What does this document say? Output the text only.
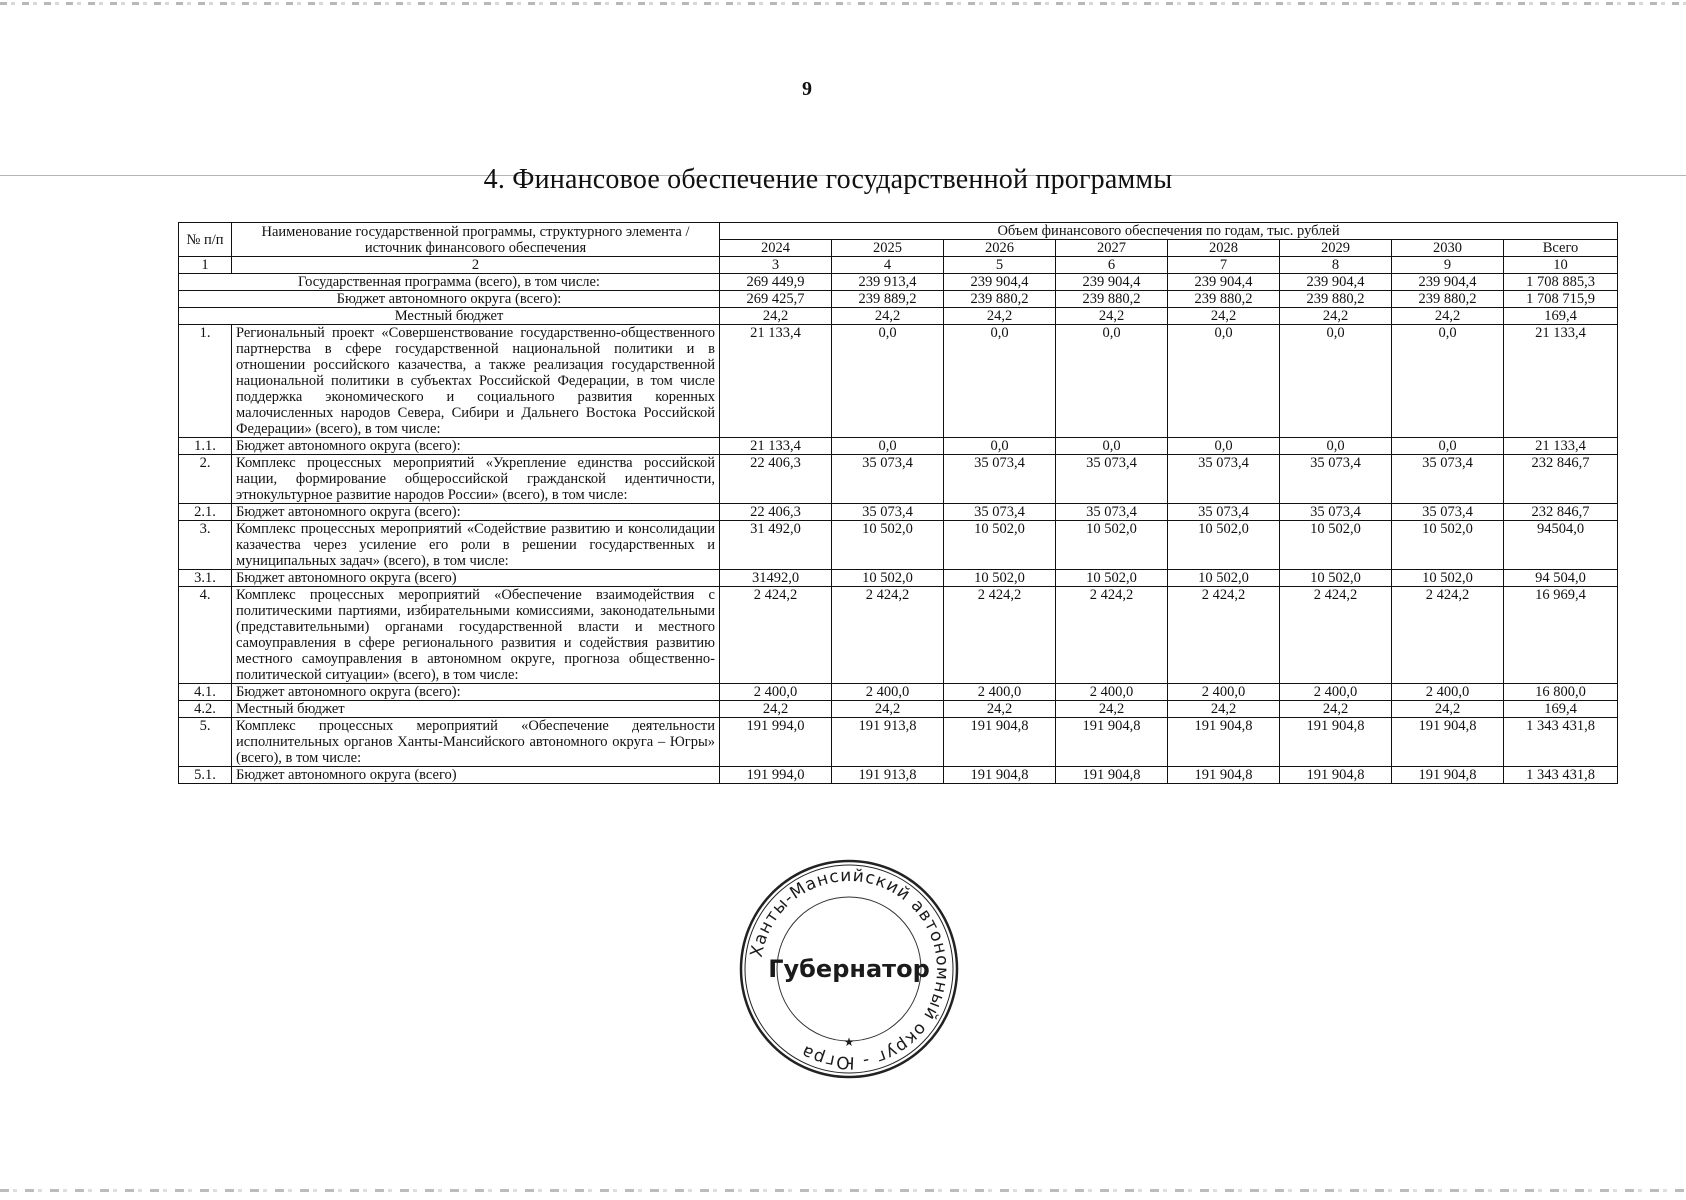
9
4. Финансовое обеспечение государственной программы
№ п/п	Наименование государственной программы, структурного элемента / источник финансового обеспечения	Объем финансового обеспечения по годам, тыс. рублей							
		2024	2025	2026	2027	2028	2029	2030	Всего
1	2	3	4	5	6	7	8	9	10
Государственная программа (всего), в том числе:		269 449,9	239 913,4	239 904,4	239 904,4	239 904,4	239 904,4	239 904,4	1 708 885,3
Бюджет автономного округа (всего):		269 425,7	239 889,2	239 880,2	239 880,2	239 880,2	239 880,2	239 880,2	1 708 715,9
Местный бюджет		24,2	24,2	24,2	24,2	24,2	24,2	24,2	169,4
1.	Региональный проект «Совершенствование государственно-общественного партнерства в сфере государственной национальной политики и в отношении российского казачества, а также реализация государственной национальной политики в субъектах Российской Федерации, в том числе поддержка экономического и социального развития коренных малочисленных народов Севера, Сибири и Дальнего Востока Российской Федерации» (всего), в том числе:	21 133,4	0,0	0,0	0,0	0,0	0,0	0,0	21 133,4
1.1.	Бюджет автономного округа (всего):	21 133,4	0,0	0,0	0,0	0,0	0,0	0,0	21 133,4
2.	Комплекс процессных мероприятий «Укрепление единства российской нации, формирование общероссийской гражданской идентичности, этнокультурное развитие народов России» (всего), в том числе:	22 406,3	35 073,4	35 073,4	35 073,4	35 073,4	35 073,4	35 073,4	232 846,7
2.1.	Бюджет автономного округа (всего):	22 406,3	35 073,4	35 073,4	35 073,4	35 073,4	35 073,4	35 073,4	232 846,7
3.	Комплекс процессных мероприятий «Содействие развитию и консолидации казачества через усиление его роли в решении государственных и муниципальных задач» (всего), в том числе:	31 492,0	10 502,0	10 502,0	10 502,0	10 502,0	10 502,0	10 502,0	94504,0
3.1.	Бюджет автономного округа (всего)	31492,0	10 502,0	10 502,0	10 502,0	10 502,0	10 502,0	10 502,0	94 504,0
4.	Комплекс процессных мероприятий «Обеспечение взаимодействия с политическими партиями, избирательными комиссиями, законодательными (представительными) органами государственной власти и местного самоуправления в сфере регионального развития и содействия развитию местного самоуправления в автономном округе, прогноза общественно-политической ситуации» (всего), в том числе:	2 424,2	2 424,2	2 424,2	2 424,2	2 424,2	2 424,2	2 424,2	16 969,4
4.1.	Бюджет автономного округа (всего):	2 400,0	2 400,0	2 400,0	2 400,0	2 400,0	2 400,0	2 400,0	16 800,0
4.2.	Местный бюджет	24,2	24,2	24,2	24,2	24,2	24,2	24,2	169,4
5.	Комплекс процессных мероприятий «Обеспечение деятельности исполнительных органов Ханты-Мансийского автономного округа – Югры» (всего), в том числе:	191 994,0	191 913,8	191 904,8	191 904,8	191 904,8	191 904,8	191 904,8	1 343 431,8
5.1.	Бюджет автономного округа (всего)	191 994,0	191 913,8	191 904,8	191 904,8	191 904,8	191 904,8	191 904,8	1 343 431,8
Ханты-Мансийский автономный округ - Югра
Губернатор
★
